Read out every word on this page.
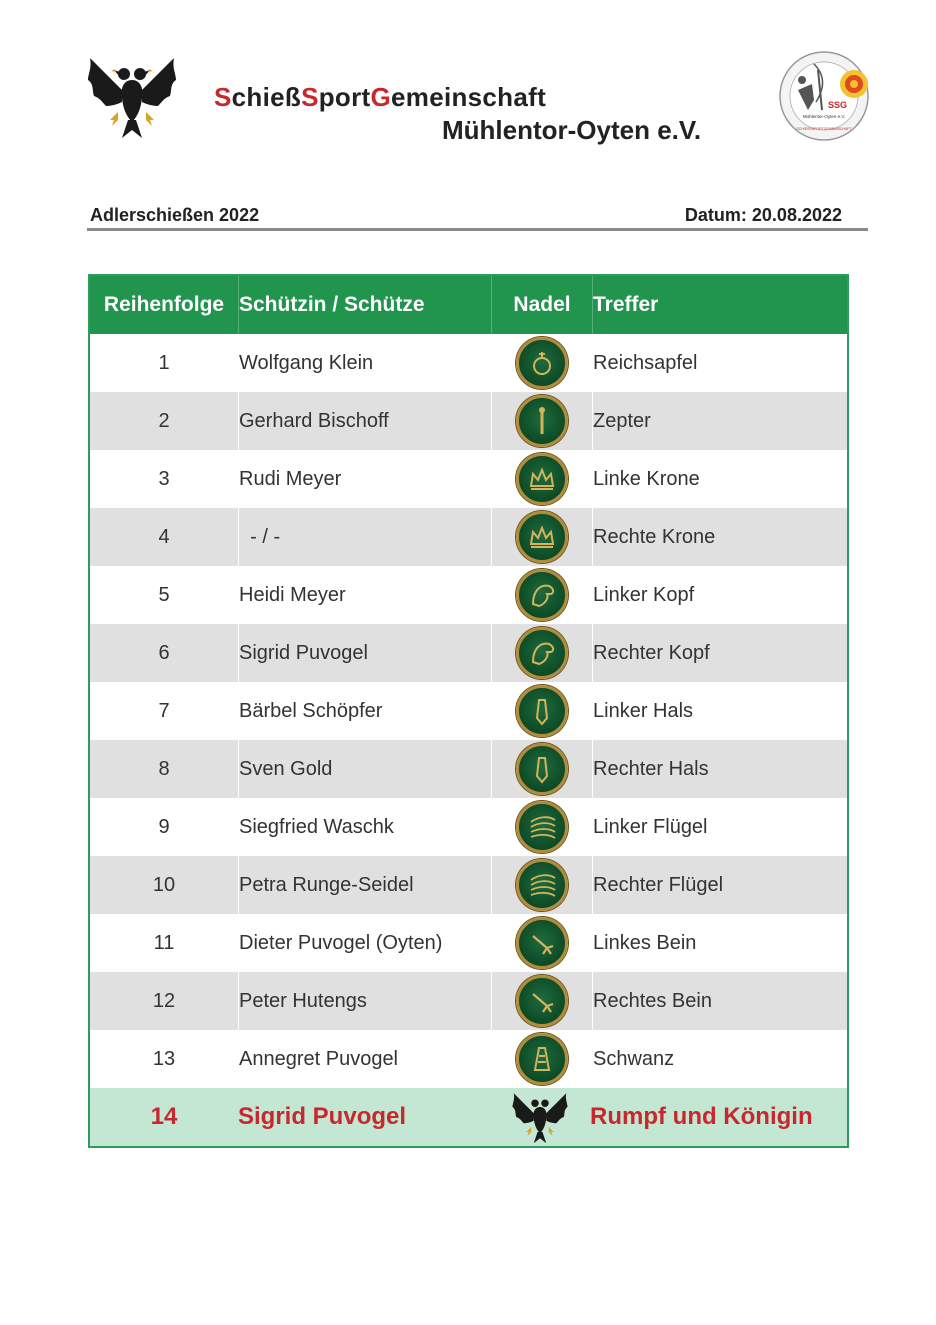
SchießSportGemeinschaft
Mühlentor-Oyten e.V.
SSG
Mühlentor-Oyten e.V.
SCHIESSSPORTGEMEINSCHAFT
Adlerschießen 2022	Datum: 20.08.2022
Reihenfolge Schützin / Schütze	Nadel	Treffer
1	Wolfgang Klein	Reichsapfel
2	Gerhard Bischoff	Zepter
3	Rudi Meyer	Linke Krone
4	- / -	Rechte Krone
5	Heidi Meyer	Linker Kopf
6	Sigrid Puvogel	Rechter Kopf
7	Bärbel Schöpfer	Linker Hals
8	Sven Gold	Rechter Hals
9	Siegfried Waschk	Linker Flügel
10	Petra Runge-Seidel	Rechter Flügel
11	Dieter Puvogel (Oyten)	Linkes Bein
12	Peter Hutengs	Rechtes Bein
13	Annegret Puvogel	Schwanz
14	Sigrid Puvogel	Rumpf und Königin
